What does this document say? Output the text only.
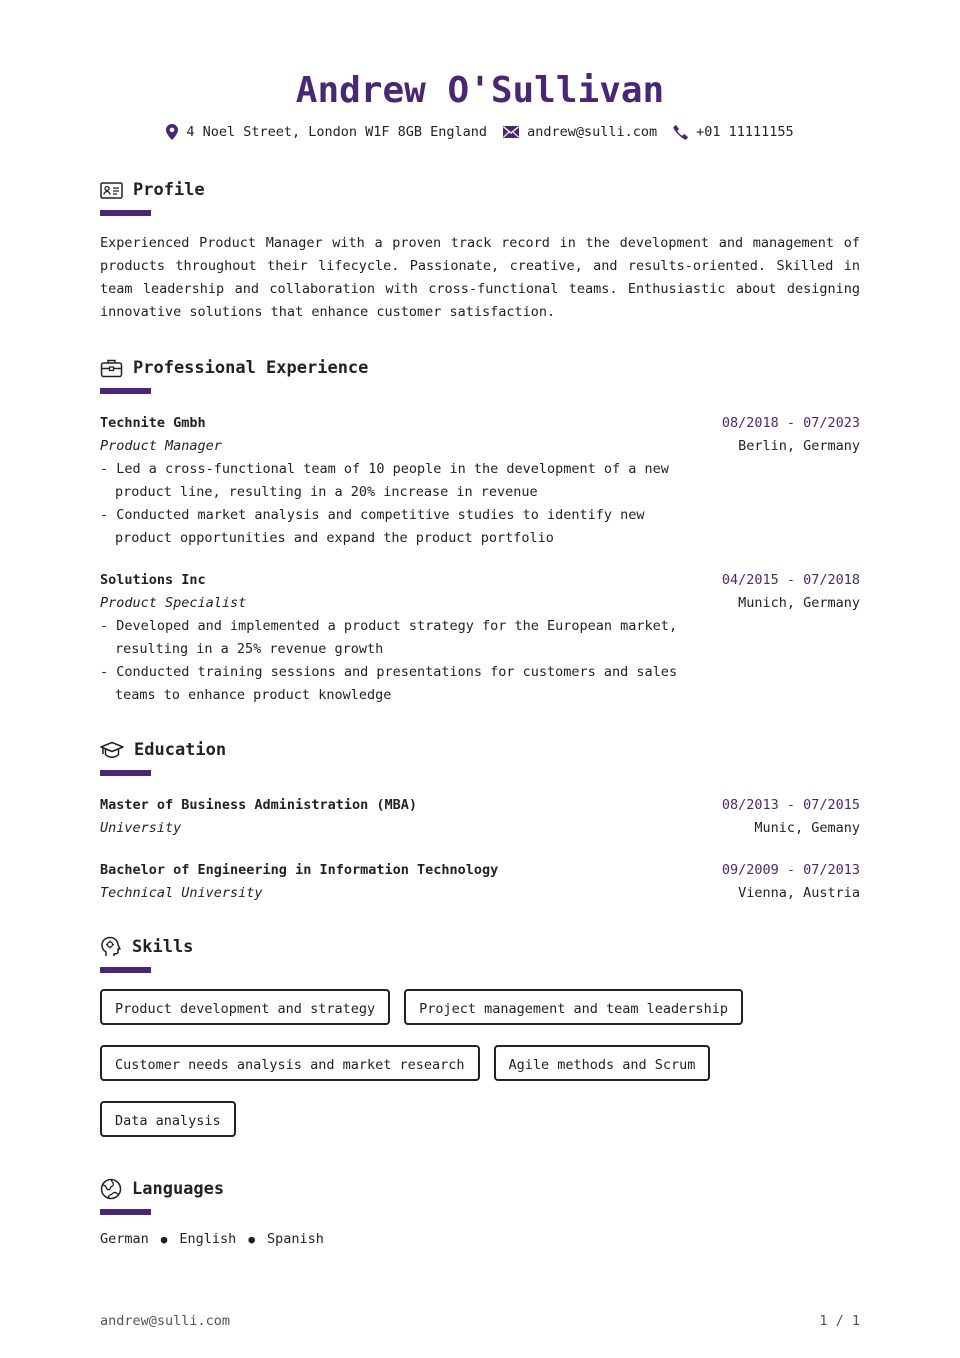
Andrew O'Sullivan
4 Noel Street, London W1F 8GB England	andrew@sulli.com	+01 11111155
Profile
Experienced Product Manager with a proven track record in the development and management of products throughout their lifecycle. Passionate, creative, and results-oriented. Skilled in team leadership and collaboration with cross-functional teams. Enthusiastic about designing innovative solutions that enhance customer satisfaction.
Professional Experience
Technite Gmbh
Product Manager
- Led a cross-functional team of 10 people in the development of a new product line, resulting in a 20% increase in revenue
- Conducted market analysis and competitive studies to identify new product opportunities and expand the product portfolio
08/2018 - 07/2023
Berlin, Germany
Solutions Inc
Product Specialist
- Developed and implemented a product strategy for the European market, resulting in a 25% revenue growth
- Conducted training sessions and presentations for customers and sales teams to enhance product knowledge
04/2015 - 07/2018
Munich, Germany
Education
Master of Business Administration (MBA)
University
08/2013 - 07/2015
Munic, Gemany
Bachelor of Engineering in Information Technology
Technical University
09/2009 - 07/2013
Vienna, Austria
Skills
Product development and strategy	Project management and team leadership
Customer needs analysis and market research	Agile methods and Scrum
Data analysis
Languages
German ● English ● Spanish
andrew@sulli.com	1 / 1
